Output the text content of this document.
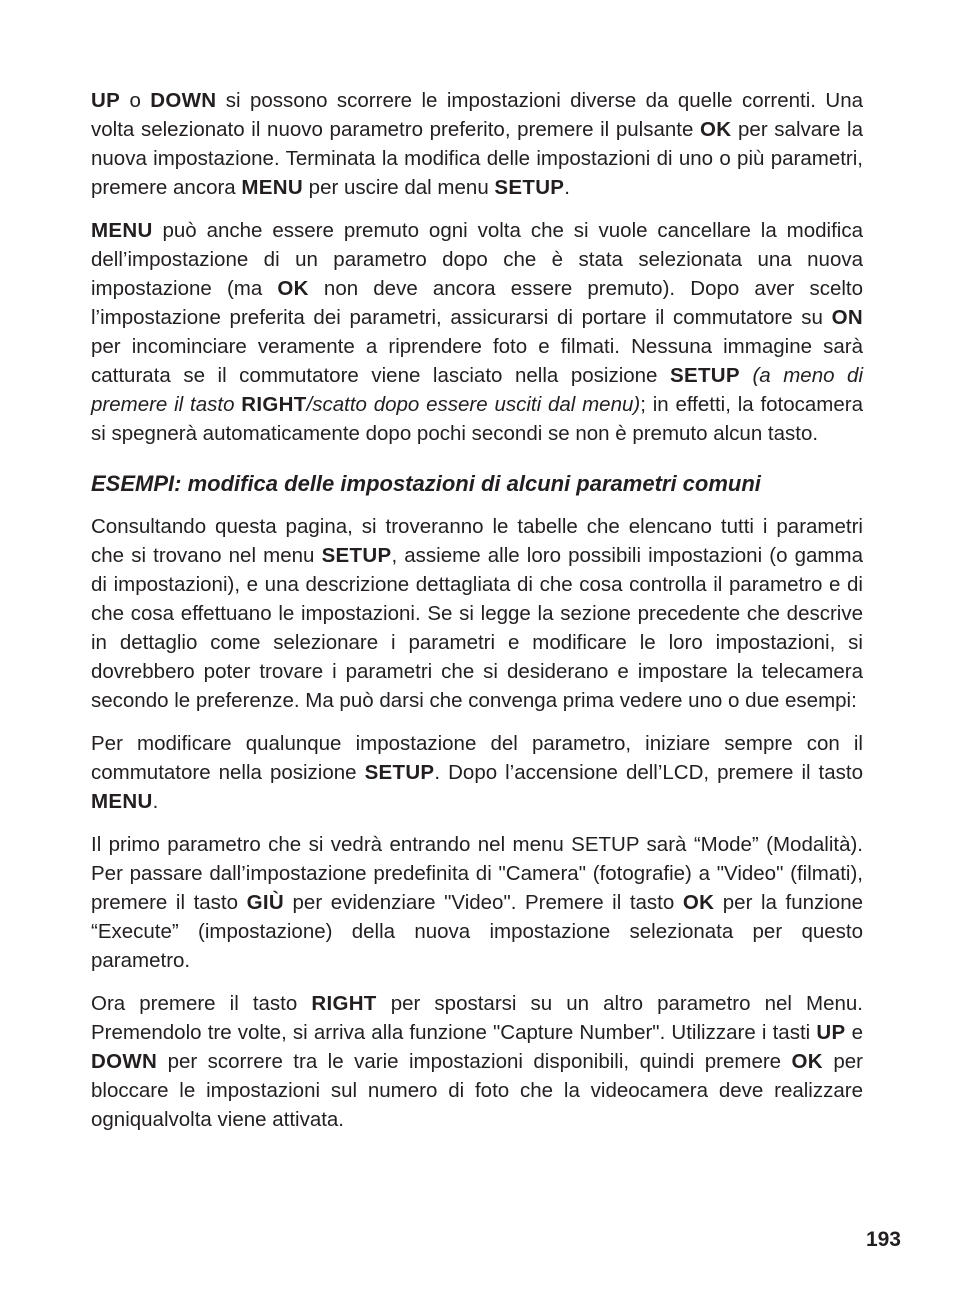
UP o DOWN si possono scorrere le impostazioni diverse da quelle correnti. Una volta selezionato il nuovo parametro preferito, premere il pulsante OK per salvare la nuova impostazione. Terminata la modifica delle impostazioni di uno o più parametri, premere ancora MENU per uscire dal menu SETUP.

MENU può anche essere premuto ogni volta che si vuole cancellare la modifica dell’impostazione di un parametro dopo che è stata selezionata una nuova impostazione (ma OK non deve ancora essere premuto). Dopo aver scelto l’impostazione preferita dei parametri, assicurarsi di portare il commutatore su ON per incominciare veramente a riprendere foto e filmati. Nessuna immagine sarà catturata se il commutatore viene lasciato nella posizione SETUP (a meno di premere il tasto RIGHT/scatto dopo essere usciti dal menu); in effetti, la fotocamera si spegnerà automaticamente dopo pochi secondi se non è premuto alcun tasto.

ESEMPI: modifica delle impostazioni di alcuni parametri comuni

Consultando questa pagina, si troveranno le tabelle che elencano tutti i parametri che si trovano nel menu SETUP, assieme alle loro possibili impostazioni (o gamma di impostazioni), e una descrizione dettagliata di che cosa controlla il parametro e di che cosa effettuano le impostazioni. Se si legge la sezione precedente che descrive in dettaglio come selezionare i parametri e modificare le loro impostazioni, si dovrebbero poter trovare i parametri che si desiderano e impostare la telecamera secondo le preferenze. Ma può darsi che convenga prima vedere uno o due esempi:

Per modificare qualunque impostazione del parametro, iniziare sempre con il commutatore nella posizione SETUP. Dopo l’accensione dell’LCD, premere il tasto MENU.

Il primo parametro che si vedrà entrando nel menu SETUP sarà “Mode” (Modalità). Per passare dall’impostazione predefinita di "Camera" (fotografie) a "Video" (filmati), premere il tasto GIÙ per evidenziare "Video". Premere il tasto OK per la funzione “Execute” (impostazione) della nuova impostazione selezionata per questo parametro.

Ora premere il tasto RIGHT per spostarsi su un altro parametro nel Menu. Premendolo tre volte, si arriva alla funzione "Capture Number". Utilizzare i tasti UP e DOWN per scorrere tra le varie impostazioni disponibili, quindi premere OK per bloccare le impostazioni sul numero di foto che la videocamera deve realizzare ogniqualvolta viene attivata.

193
